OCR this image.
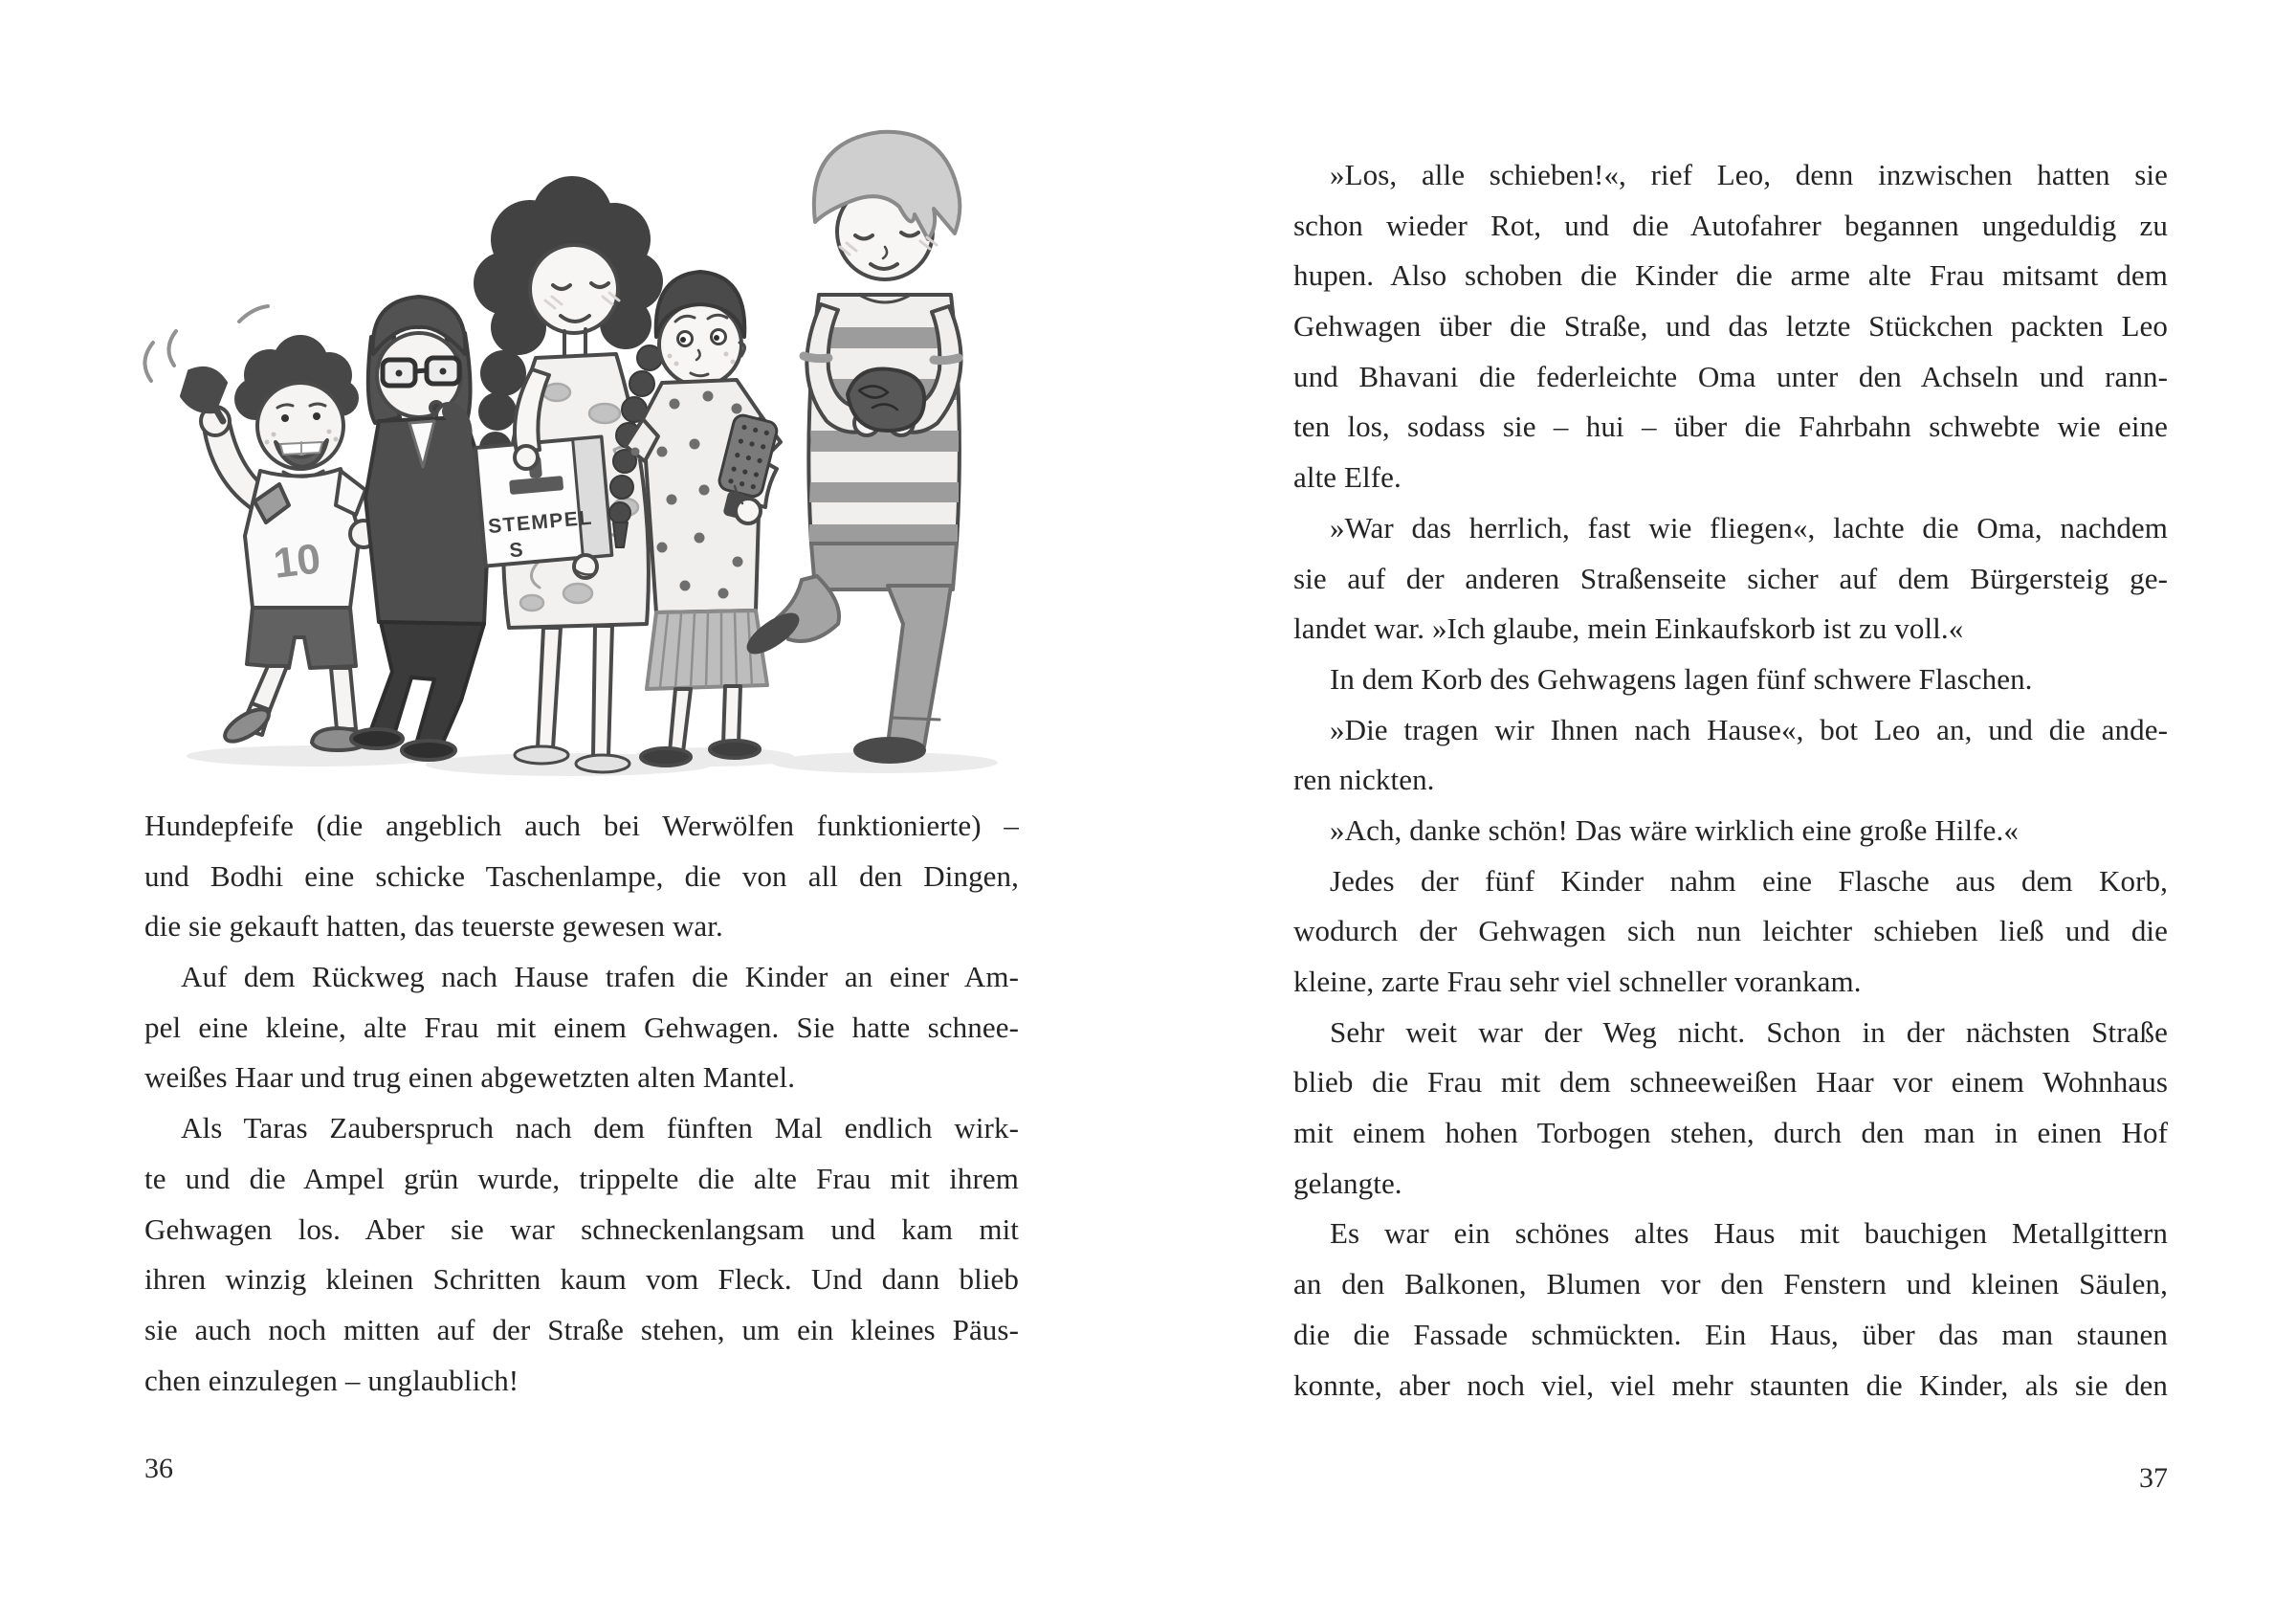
10
STEMPEL
S
Hundepfeife (die angeblich auch bei Werwölfen funktionierte) –
und Bodhi eine schicke Taschenlampe, die von all den Dingen,
die sie gekauft hatten, das teuerste gewesen war.
Auf dem Rückweg nach Hause trafen die Kinder an einer Am-
pel eine kleine, alte Frau mit einem Gehwagen. Sie hatte schnee-
weißes Haar und trug einen abgewetzten alten Mantel.
Als Taras Zauberspruch nach dem fünften Mal endlich wirk-
te und die Ampel grün wurde, trippelte die alte Frau mit ihrem
Gehwagen los. Aber sie war schneckenlangsam und kam mit
ihren winzig kleinen Schritten kaum vom Fleck. Und dann blieb
sie auch noch mitten auf der Straße stehen, um ein kleines Päus-
chen einzulegen – unglaublich!
36
»Los, alle schieben!«, rief Leo, denn inzwischen hatten sie
schon wieder Rot, und die Autofahrer begannen ungeduldig zu
hupen. Also schoben die Kinder die arme alte Frau mitsamt dem
Gehwagen über die Straße, und das letzte Stückchen packten Leo
und Bhavani die federleichte Oma unter den Achseln und rann-
ten los, sodass sie – hui – über die Fahrbahn schwebte wie eine
alte Elfe.
»War das herrlich, fast wie fliegen«, lachte die Oma, nachdem
sie auf der anderen Straßenseite sicher auf dem Bürgersteig ge-
landet war. »Ich glaube, mein Einkaufskorb ist zu voll.«
In dem Korb des Gehwagens lagen fünf schwere Flaschen.
»Die tragen wir Ihnen nach Hause«, bot Leo an, und die ande-
ren nickten.
»Ach, danke schön! Das wäre wirklich eine große Hilfe.«
Jedes der fünf Kinder nahm eine Flasche aus dem Korb,
wodurch der Gehwagen sich nun leichter schieben ließ und die
kleine, zarte Frau sehr viel schneller vorankam.
Sehr weit war der Weg nicht. Schon in der nächsten Straße
blieb die Frau mit dem schneeweißen Haar vor einem Wohnhaus
mit einem hohen Torbogen stehen, durch den man in einen Hof
gelangte.
Es war ein schönes altes Haus mit bauchigen Metallgittern
an den Balkonen, Blumen vor den Fenstern und kleinen Säulen,
die die Fassade schmückten. Ein Haus, über das man staunen
konnte, aber noch viel, viel mehr staunten die Kinder, als sie den
37
